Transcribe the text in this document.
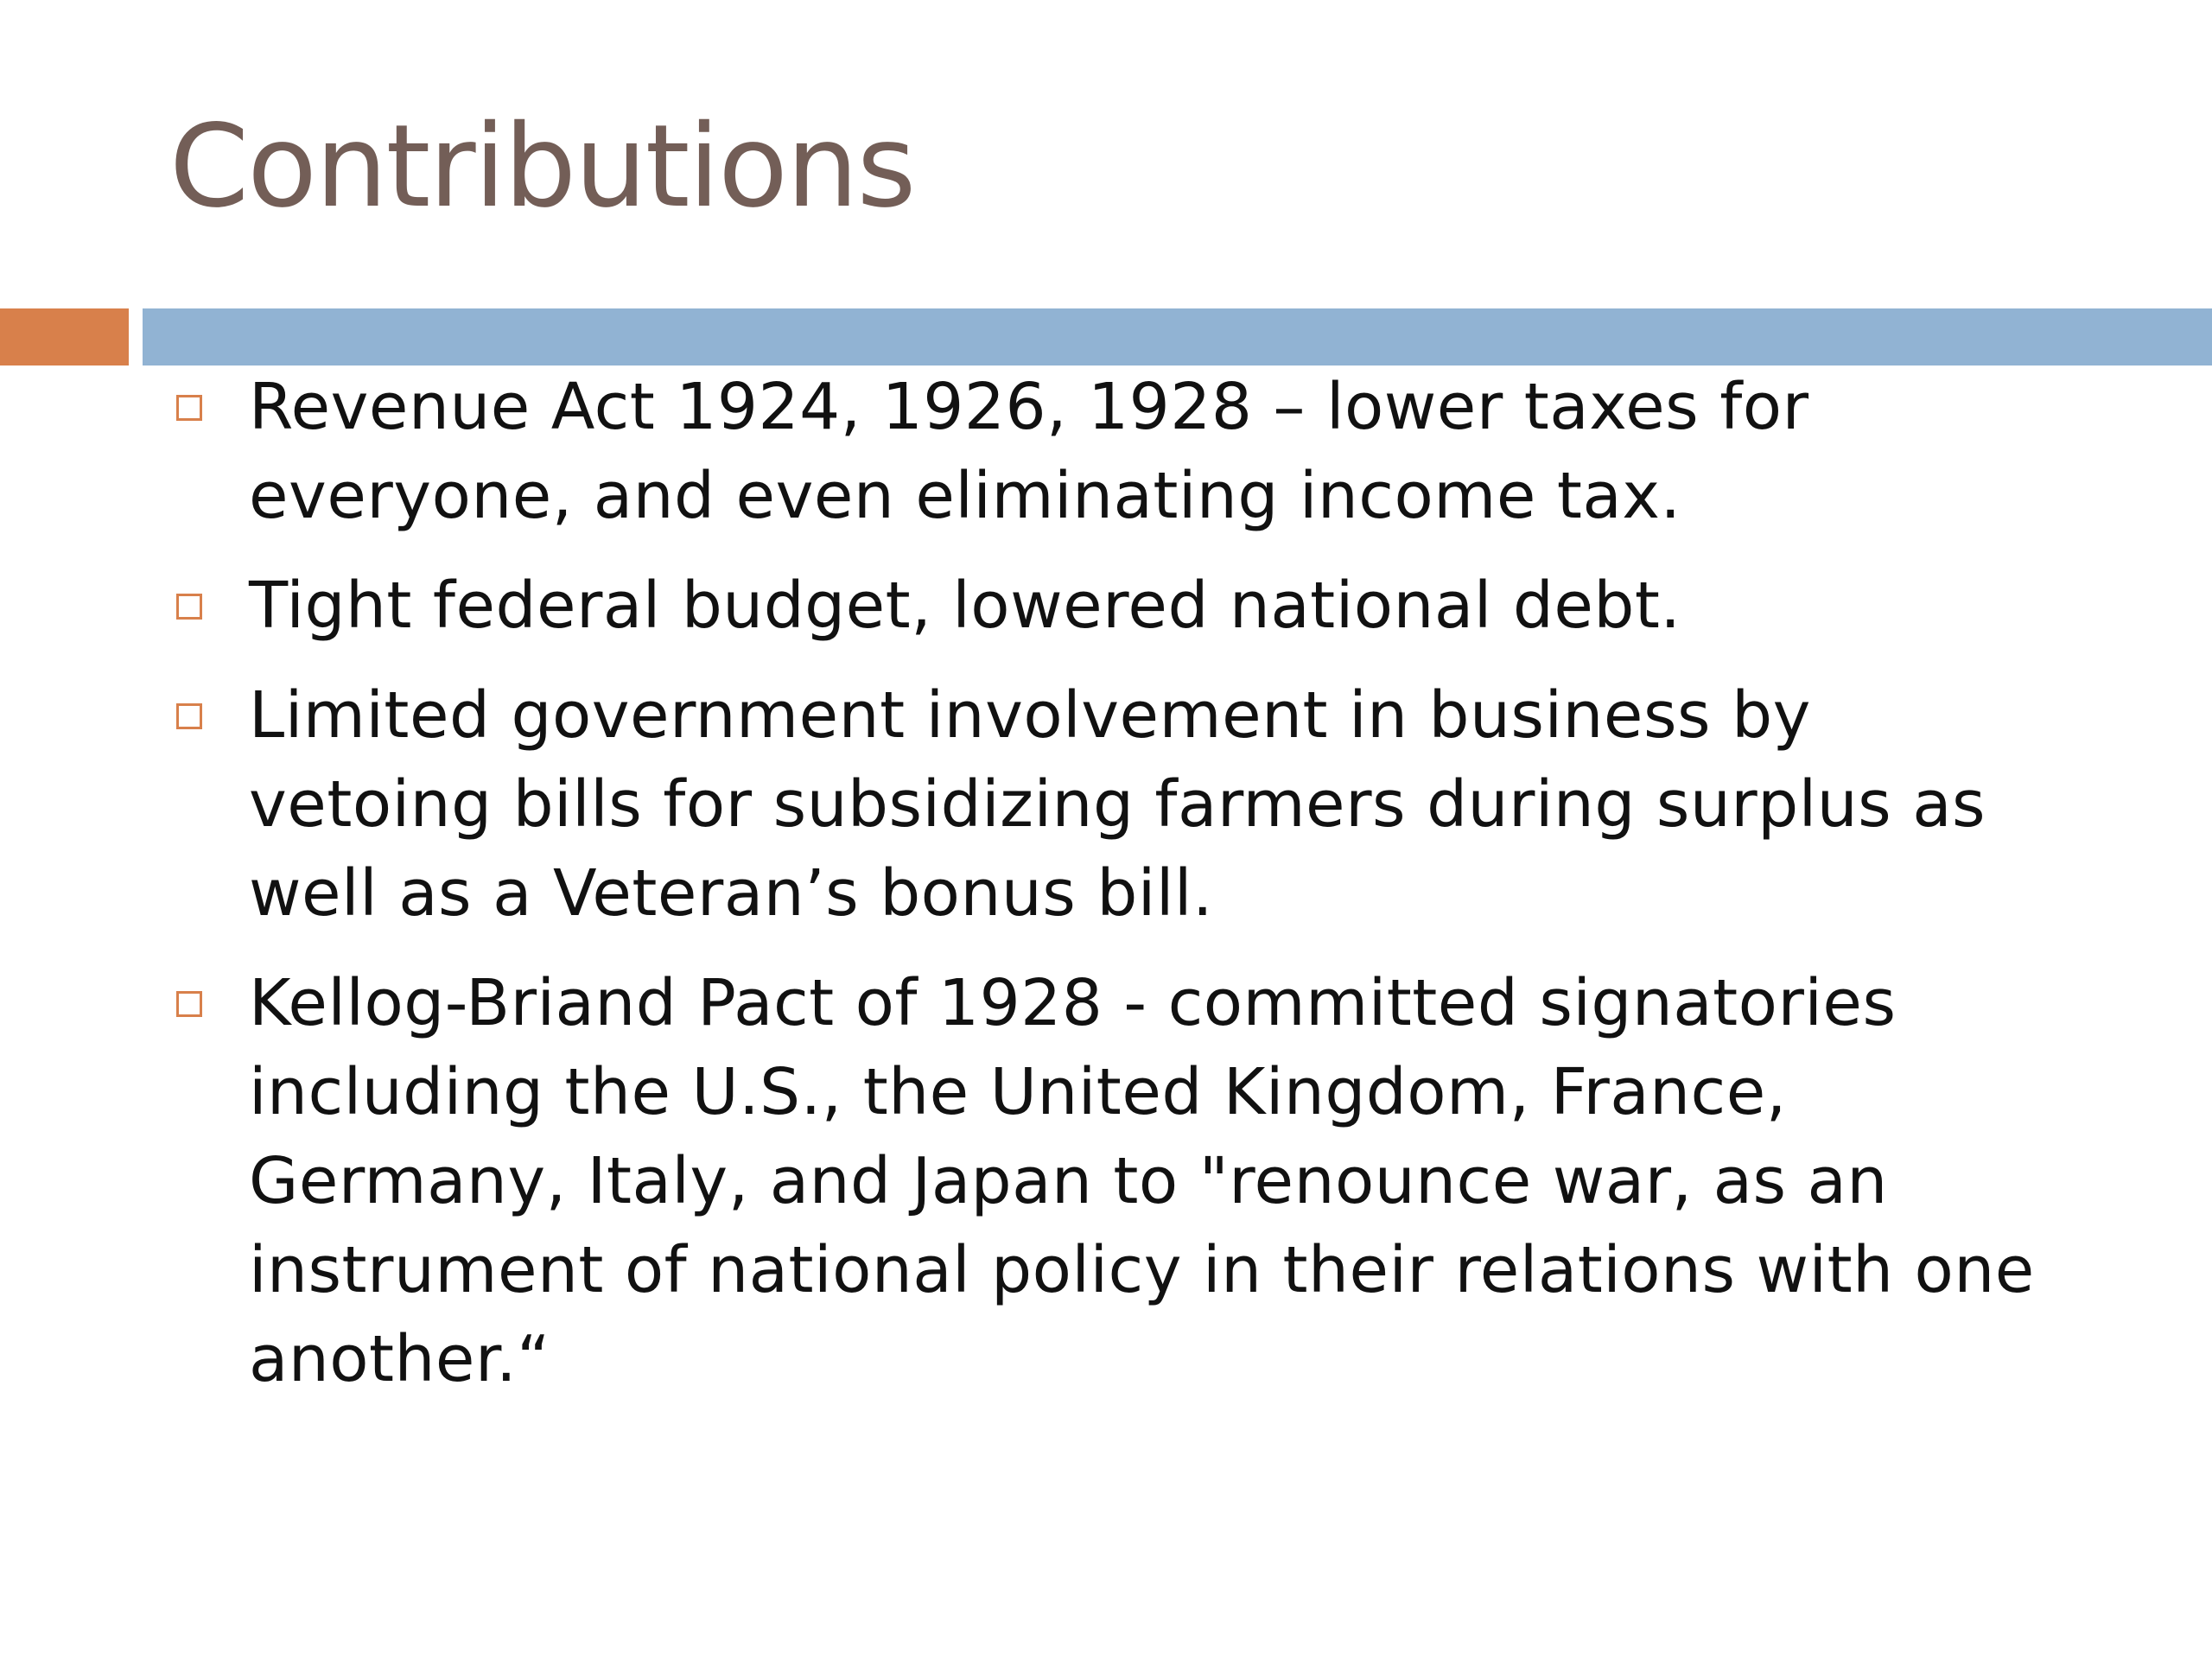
Contributions
Revenue Act 1924, 1926, 1928 – lower taxes for everyone, and even eliminating income tax.
Tight federal budget, lowered national debt.
Limited government involvement in business by vetoing bills for subsidizing farmers during surplus as well as a Veteran’s bonus bill.
Kellog-Briand Pact of 1928 - committed signatories including the U.S., the United Kingdom, France, Germany, Italy, and Japan to "renounce war, as an instrument of national policy in their relations with one another.“
